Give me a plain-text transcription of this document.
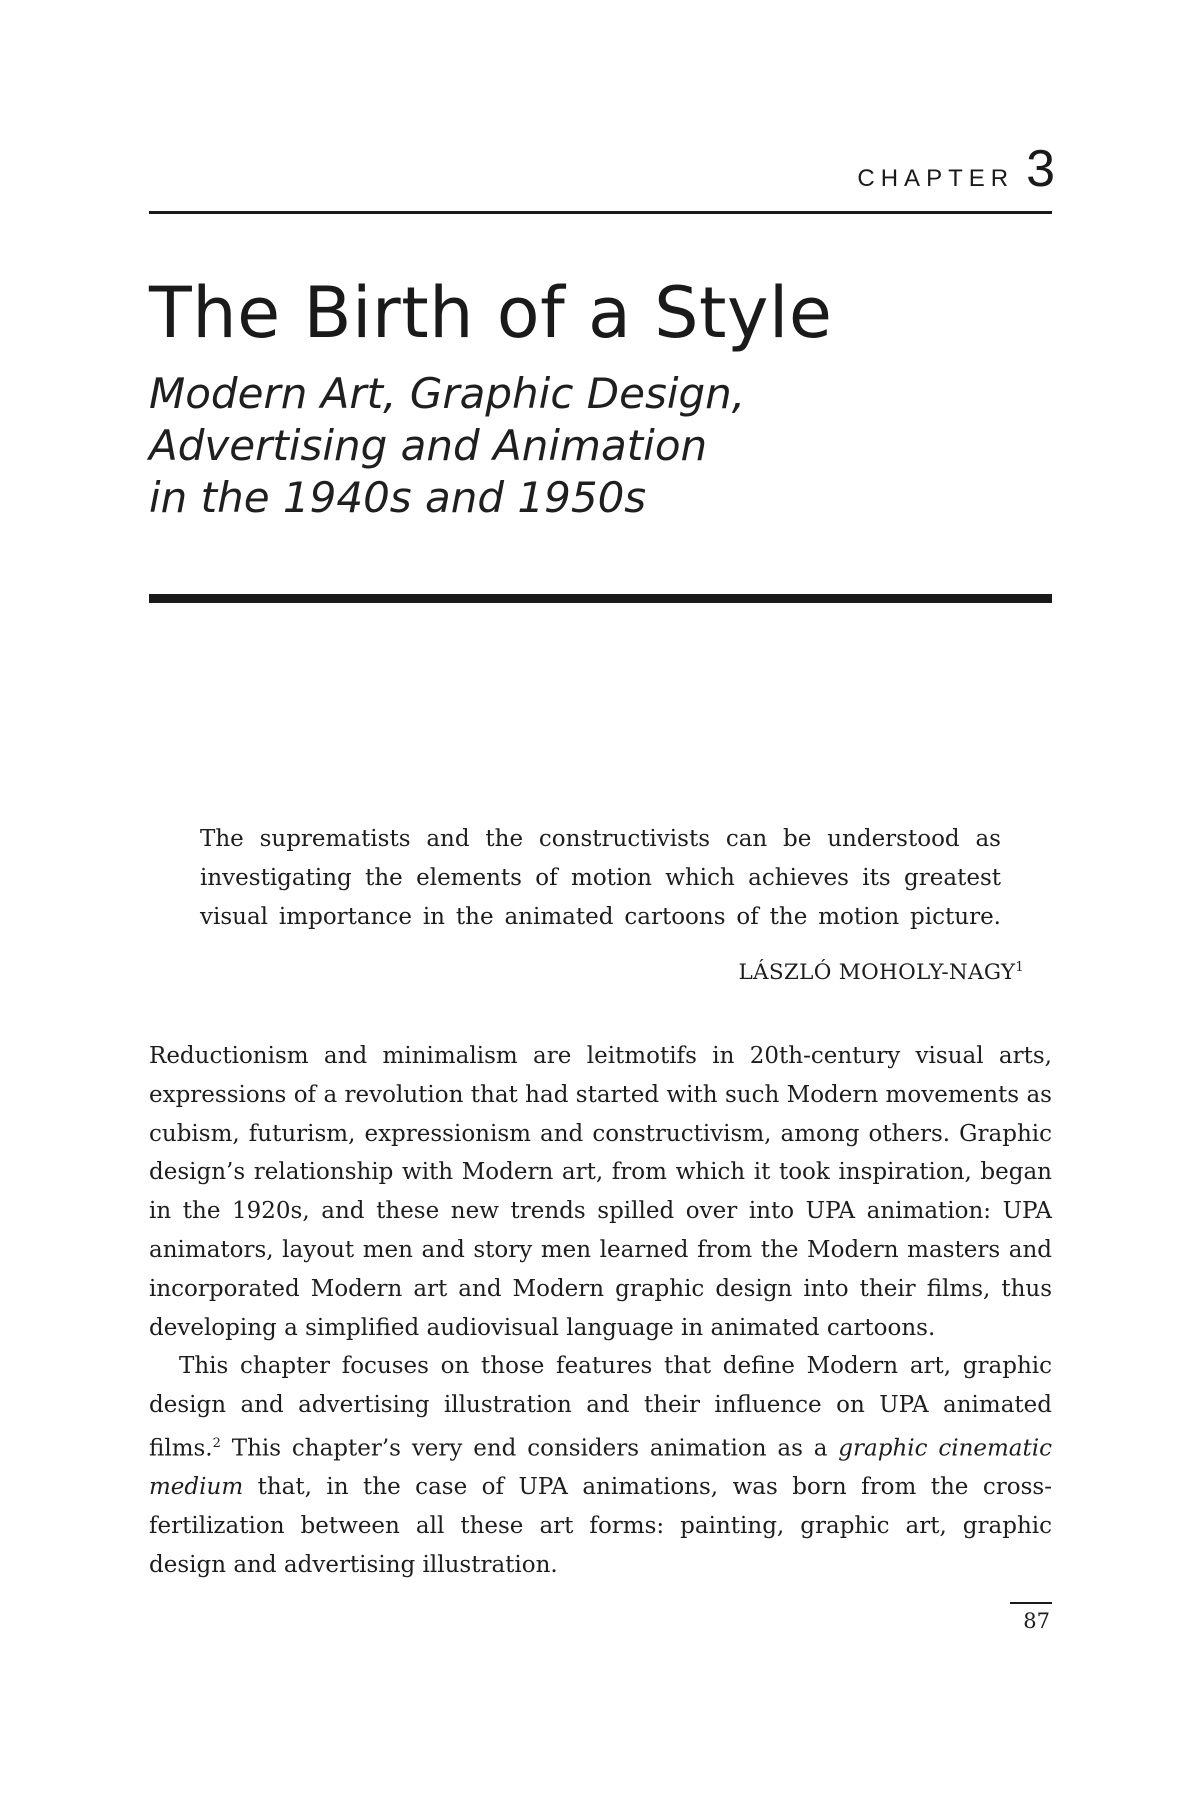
CHAPTER 3
The Birth of a Style
Modern Art, Graphic Design,
Advertising and Animation
in the 1940s and 1950s
The suprematists and the constructivists can be understood as
investigating the elements of motion which achieves its greatest
visual importance in the animated cartoons of the motion picture.
LÁSZLÓ MOHOLY-NAGY$^1$

Reductionism and minimalism are leitmotifs in 20th-century visual arts,
expressions of a revolution that had started with such Modern movements as
cubism, futurism, expressionism and constructivism, among others. Graphic
design’s relationship with Modern art, from which it took inspiration, began
in the 1920s, and these new trends spilled over into UPA animation: UPA
animators, layout men and story men learned from the Modern masters and
incorporated Modern art and Modern graphic design into their films, thus
developing a simplified audiovisual language in animated cartoons.

This chapter focuses on those features that define Modern art, graphic
design and advertising illustration and their influence on UPA animated
films.$^2$ This chapter’s very end considers animation as a graphic cinematic
medium that, in the case of UPA animations, was born from the cross-
fertilization between all these art forms: painting, graphic art, graphic
design and advertising illustration.

87
